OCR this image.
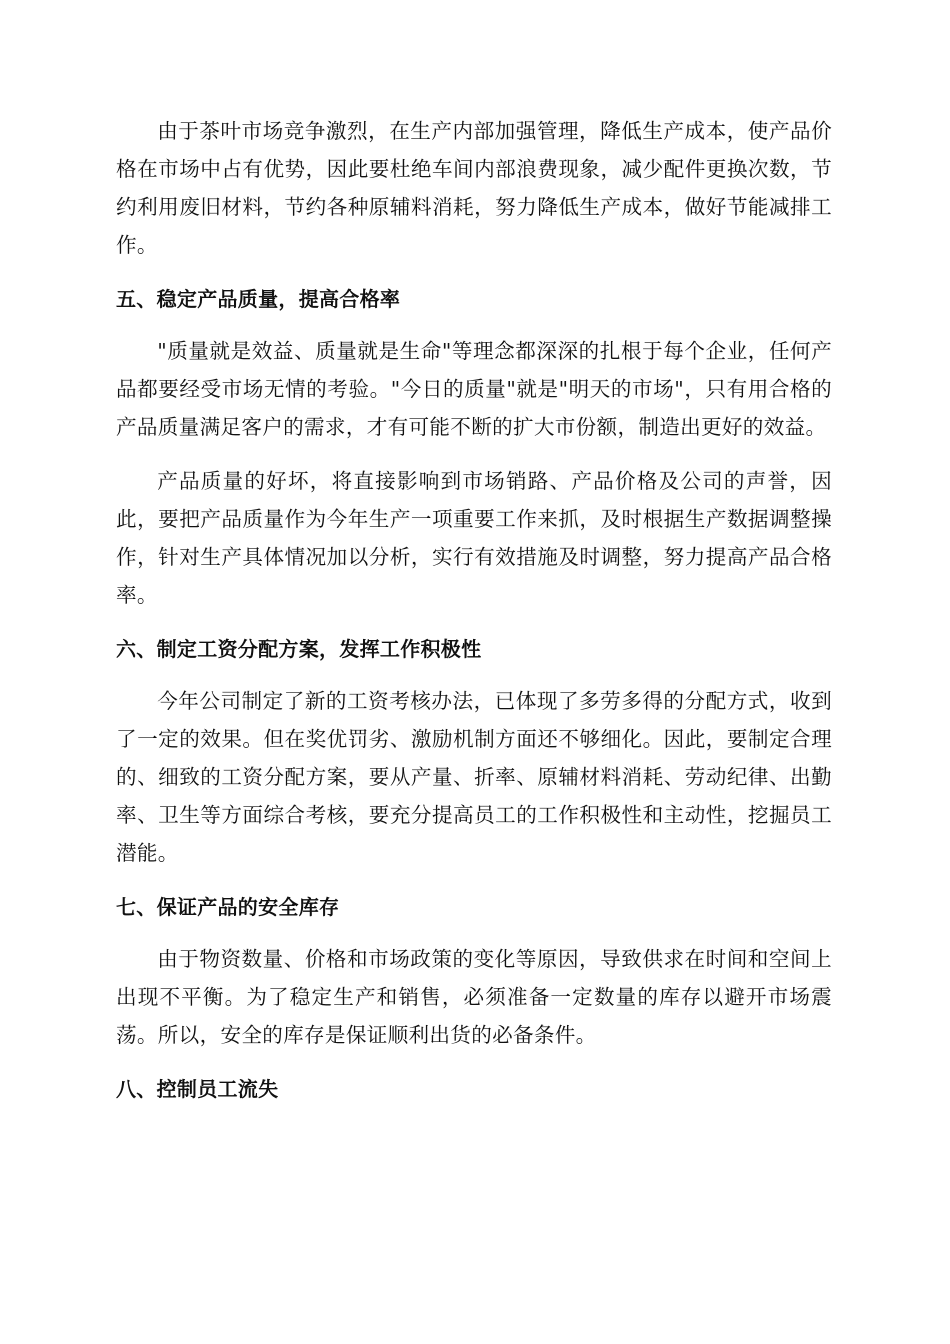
由于茶叶市场竞争激烈，在生产内部加强管理，降低生产成本，使产品价格在市场中占有优势，因此要杜绝车间内部浪费现象，减少配件更换次数，节约利用废旧材料，节约各种原辅料消耗，努力降低生产成本，做好节能减排工作。

五、稳定产品质量，提高合格率

"质量就是效益、质量就是生命"等理念都深深的扎根于每个企业，任何产品都要经受市场无情的考验。"今日的质量"就是"明天的市场"，只有用合格的产品质量满足客户的需求，才有可能不断的扩大市份额，制造出更好的效益。

产品质量的好坏，将直接影响到市场销路、产品价格及公司的声誉，因此，要把产品质量作为今年生产一项重要工作来抓，及时根据生产数据调整操作，针对生产具体情况加以分析，实行有效措施及时调整，努力提高产品合格率。

六、制定工资分配方案，发挥工作积极性

今年公司制定了新的工资考核办法，已体现了多劳多得的分配方式，收到了一定的效果。但在奖优罚劣、激励机制方面还不够细化。因此，要制定合理的、细致的工资分配方案，要从产量、折率、原辅材料消耗、劳动纪律、出勤率、卫生等方面综合考核，要充分提高员工的工作积极性和主动性，挖掘员工潜能。

七、保证产品的安全库存

由于物资数量、价格和市场政策的变化等原因，导致供求在时间和空间上出现不平衡。为了稳定生产和销售，必须准备一定数量的库存以避开市场震荡。所以，安全的库存是保证顺利出货的必备条件。

八、控制员工流失
